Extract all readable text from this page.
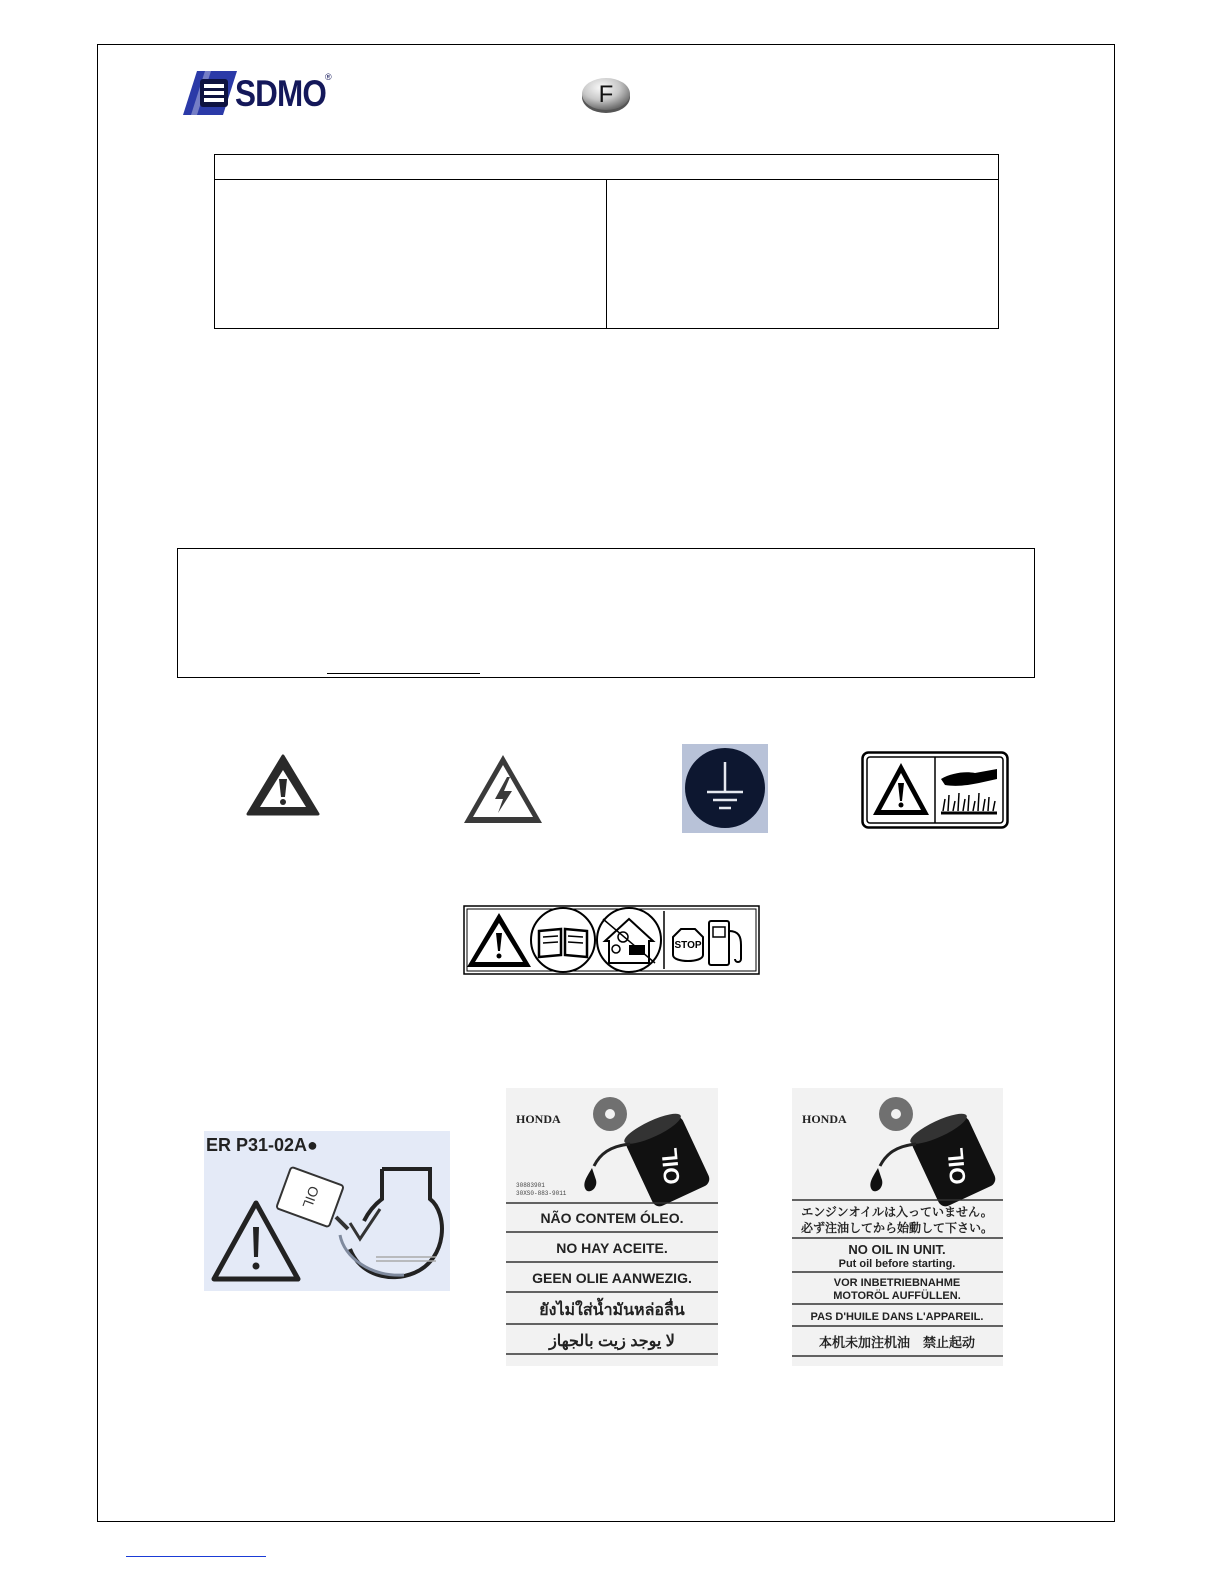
SDMO ®
F
STOP
ER P31-02A●
OIL
HONDA
OIL
30883901
30XS0-883-9011
NÃO CONTEM ÓLEO.
NO HAY ACEITE.
GEEN OLIE AANWEZIG.
ยังไม่ใส่น้ำมันหล่อลื่น
لا يوجد زيت بالجهاز
HONDA
OIL
エンジンオイルは入っていません。
必ず注油してから始動して下さい。
NO OIL IN UNIT.
Put oil before starting.
VOR INBETRIEBNAHME
MOTORÖL AUFFÜLLEN.
PAS D'HUILE DANS L'APPAREIL.
本机未加注机油　禁止起动
